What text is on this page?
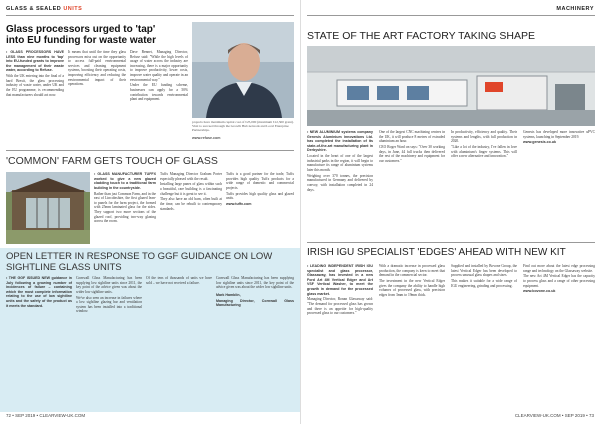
GLASS & SEALED UNITS
Glass processors urged to 'tap' into EU funding for waste water

• GLASS PROCESSORS HAVE LESS than nine months to 'tap' into EU-funded grants to improve the management of their waste water, according to Refuse.

With the UK entering into the final of a hard Brexit, the glass processing industry of waste water, under UK and the EU programme, is recommending that manufacturers should act now.

It means that until the time they glass processors miss out on the opportunity to access full-paid environmental services and cleaning equipment systems, boosting their operating costs, improving efficiency and reducing the environmental impact of their operations.

Dave Bennet, Managing Director, Refuse said: "While the high levels of usage of water across the industry are increasing, there is a major opportunity to improve productivity, lower costs, improve water quality and operate in an environmental way."

Under the EU funding scheme, businesses can apply for a 50% contribution towards environmental plant and equipment.

projects have maximum capital cost of £25,000 (maximum £12,500 grant). Visit to succeed through the Growth Hub network and Local Enterprise Partnerships.
www.refuse.com
'COMMON' FARM GETS TOUCH OF GLASS

• GLASS MANUFACTURER TUFFX worked to give a new glazed cladding touch to a traditional farm building in the countryside.

Rather than just Common Farm, and in the east of Lincolnshire, the first glazed lean-to panels for the farm project, the formed with 25mm laminated glass for the sides. They support two more sections of the glazed roof, providing two-way glazing across the room.

Tuffx Managing Director Graham Porter especially pleased with the result.

Installing large panes of glass within such a beautiful, rare building is a fascinating challenge but it is great to see it.

They also have an old barn, often built at the time, can be rebuilt to contemporary standards.

Tuffx is a good partner for the trade, Tuffx provides high quality Tuffx products for a wide range of domestic and commercial projects.

Tuffx provides high quality glass and glazed units.

www.tuffx.com
OPEN LETTER IN RESPONSE TO GGF GUIDANCE ON LOW SIGHTLINE GLASS UNITS

• THE GGF ISSUED NEW guidance in July following a growing number of incidences of failure – containing which the most complete information relating to the use of low sightline units and the safety of the product as it meets the standard.

Cornwall Glass Manufacturing has been supplying low sightline units since 2011, the key point of the advice given was about the wider low sightline units.

We've also seen an increase in failures where a low sightline glazing bar and ventilation system has been installed into a traditional window.

Of the tens of thousands of units we have sold – we have not received a failure.

Cornwall Glass Manufacturing has been supplying low sightline units since 2011, the key point of the advice given was about the wider low sightline units.

Mark Hamblin,

Managing Director, Cornwall Glass Manufacturing

72 • SEP 2019 • CLEARVIEW-UK.COM
MACHINERY
STATE OF THE ART FACTORY TAKING SHAPE

• NEW ALUMINIUM systems company Genesis Aluminium Innovations Ltd. has completed the installation of its state-of-the-art manufacturing plant in Derbyshire.

Located in the heart of one of the largest industrial parks in the region, it will begin to manufacture its range of aluminium systems later this month.

Weighing over 370 tonnes, the precision manufactured in Germany and delivered by convoy, with installation completed in 24 days.

One of the largest CNC machining centres in the UK, it will produce 8 metres of extruded aluminium an hour.

CEO Roger Ward on says: "Over 30 working days, in June, 44 full trucks then delivered the rest of the machinery and equipment for our customers."

In productivity, efficiency and quality. Their systems and lengths, with full production in 2020.

"Like a lot of the industry, I've fallen in love with aluminium's finger systems. This will offer a new alternative and innovation."

Genesis has developed more innovative uPVC systems, launching in September 2019.

www.genesis.co.uk
IRISH IGU SPECIALIST 'EDGES' AHEAD WITH NEW KIT

• LEADING INDEPENDENT IRISH IGU specialist and glass processor, Glassaway, has invested in a new Ford Art 4M Vertical Edger and Art VSF Vertical Washer, to meet the growth in demand for the processed glass market.

Managing Director, Ronan Glassaway said: "The demand for processed glass has grown and there is an appetite for high-quality processed glass to our customers."

With a dramatic increase in processed glass production, the company is keen to meet that demand in the commercial sector.

The investment in the new Vertical Edger gives the company the ability to handle high volumes of processed glass, with precision edges from 3mm to 19mm thick.

Supplied and installed by Bovone Group, the latest Vertical Edger has been developed to process unusual glass shapes and sizes.

This makes it suitable for a wide range of IGU engineering, grinding and processing.

Find out more about the latest edge processing range and technology on the Glassaway website.

The new Art 4M Vertical Edger has the capacity to process glass and a range of other processing equipment.

www.bovone.co.uk
CLEARVIEW-UK.COM • SEP 2019 • 73
